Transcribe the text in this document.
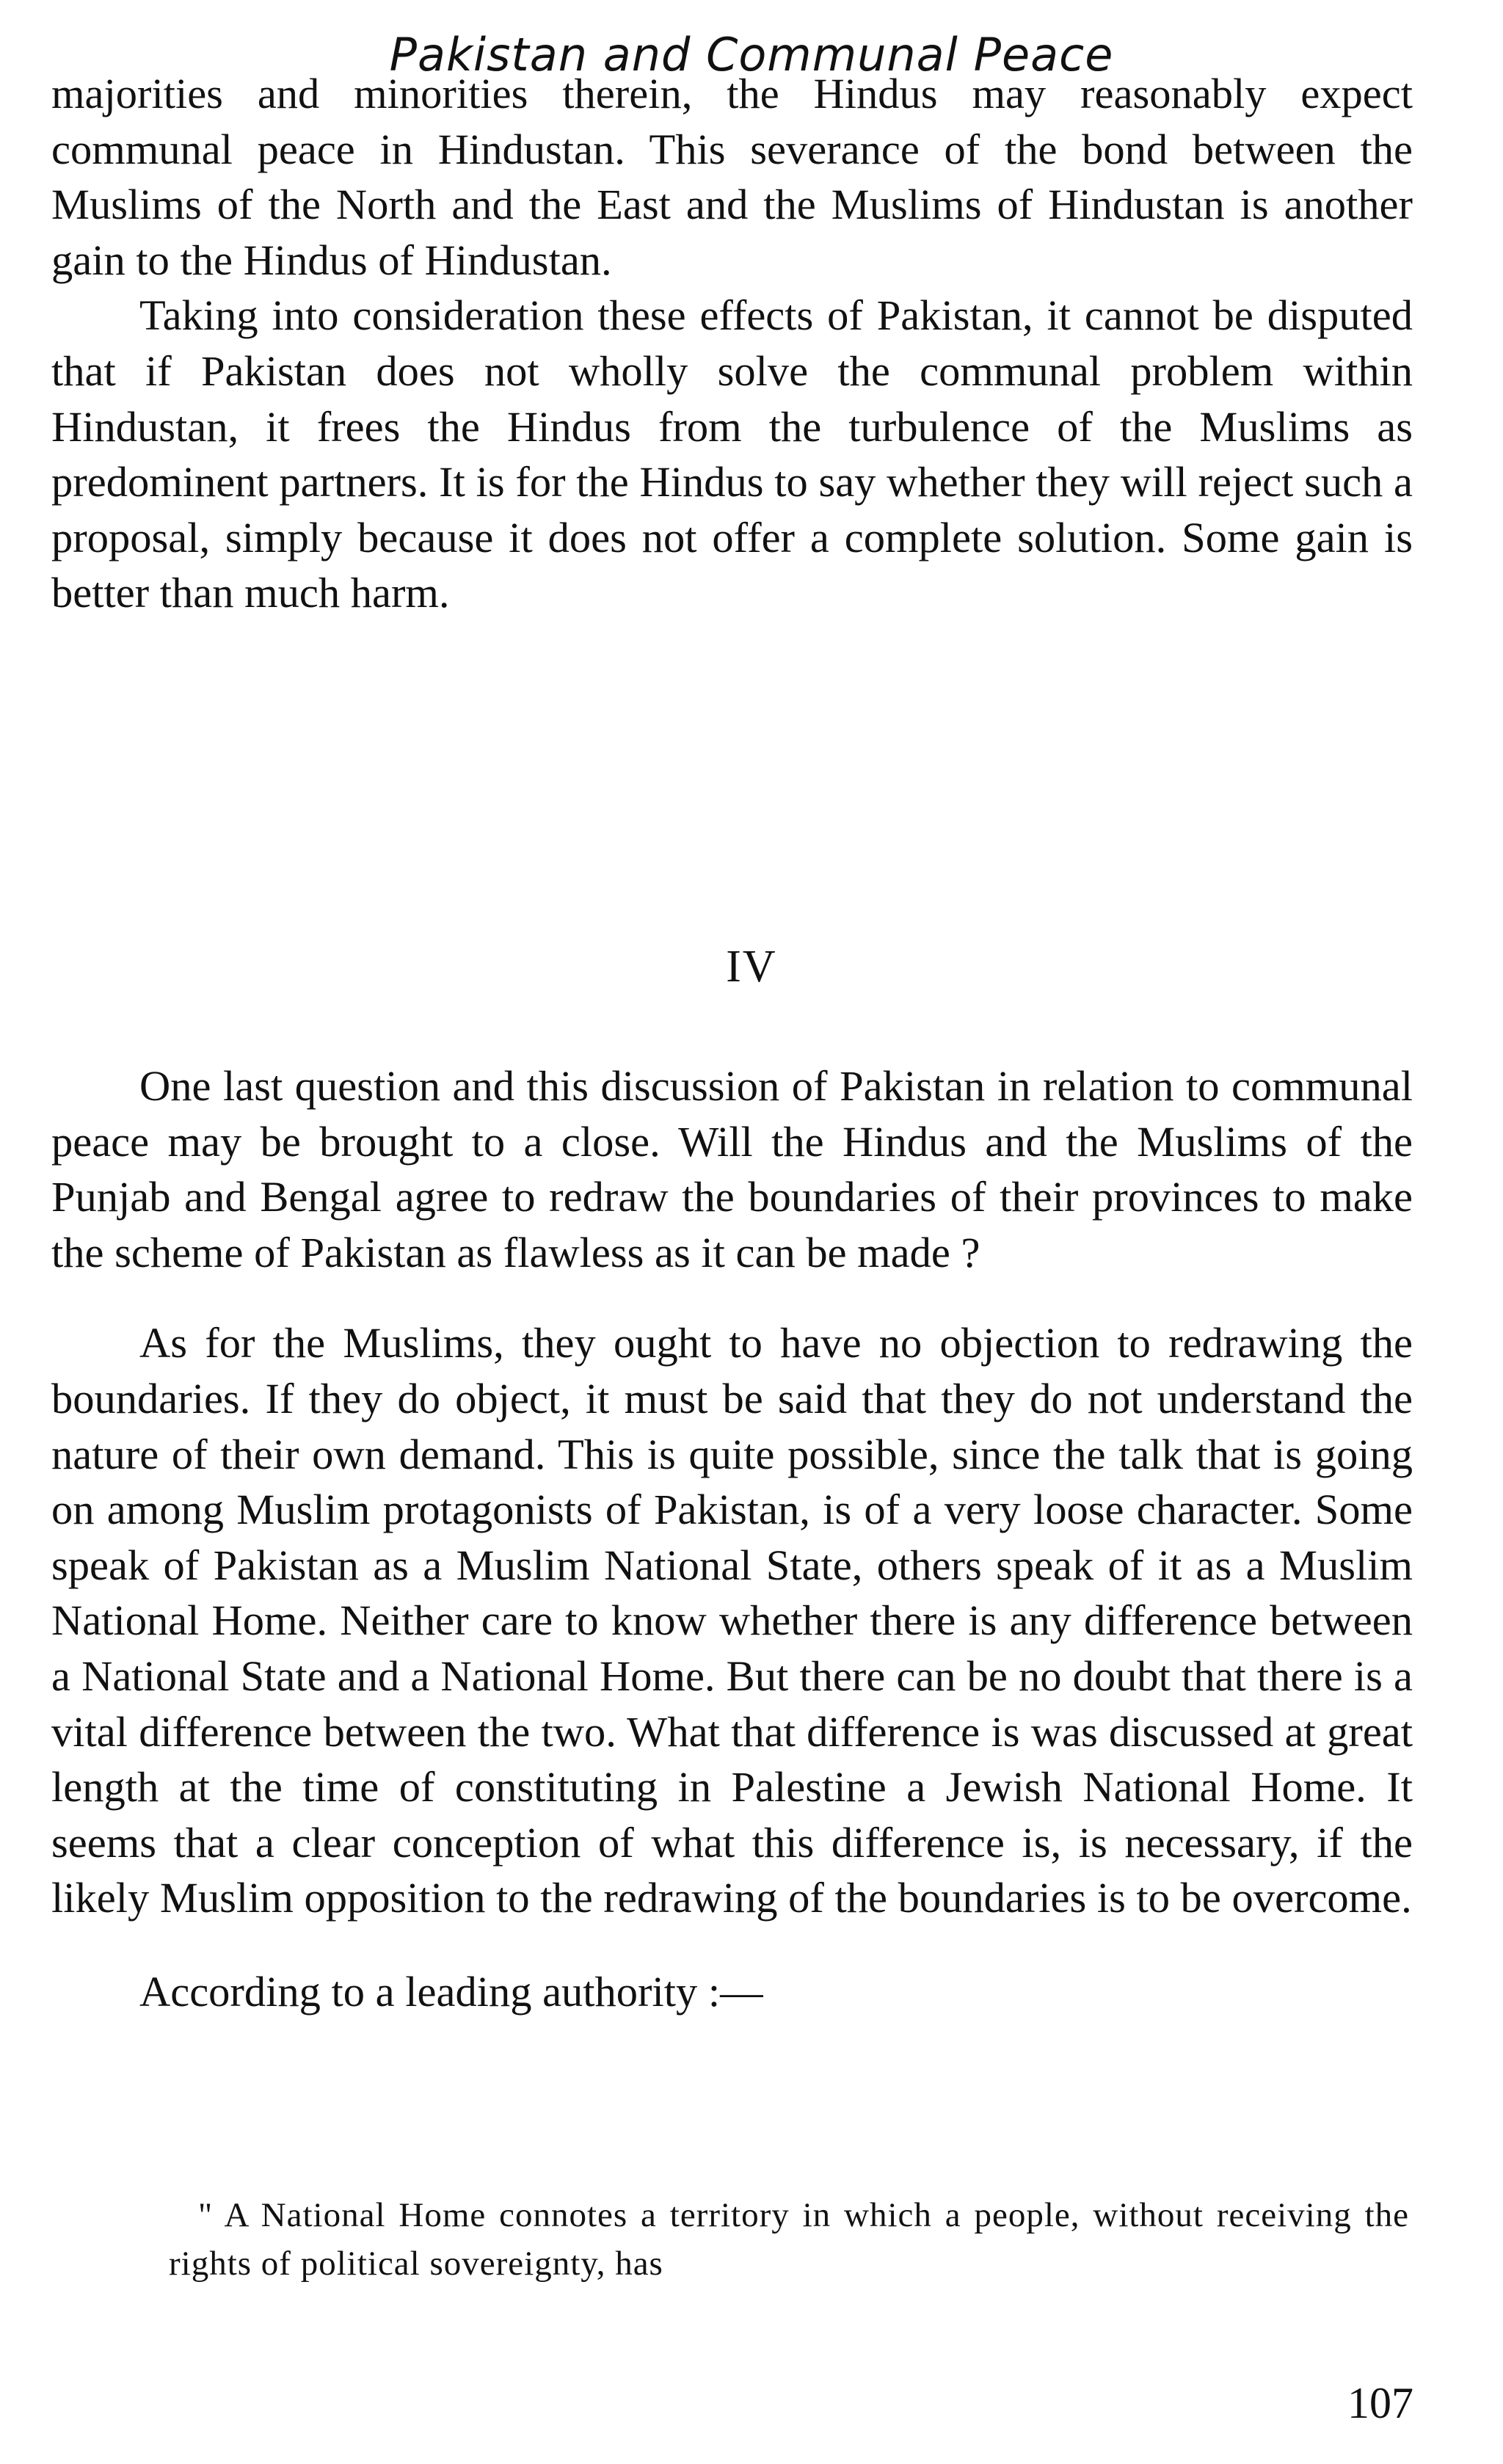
Pakistan and Communal Peace

majorities and minorities therein, the Hindus may reasonably expect communal peace in Hindustan. This severance of the bond between the Muslims of the North and the East and the Muslims of Hindustan is another gain to the Hindus of Hindustan.

Taking into consideration these effects of Pakistan, it cannot be disputed that if Pakistan does not wholly solve the communal problem within Hindustan, it frees the Hindus from the turbulence of the Muslims as predominent partners. It is for the Hindus to say whether they will reject such a proposal, simply because it does not offer a complete solution. Some gain is better than much harm.

IV

One last question and this discussion of Pakistan in relation to communal peace may be brought to a close. Will the Hindus and the Muslims of the Punjab and Bengal agree to redraw the boundaries of their provinces to make the scheme of Pakistan as flawless as it can be made ?

As for the Muslims, they ought to have no objection to redrawing the boundaries. If they do object, it must be said that they do not understand the nature of their own demand. This is quite possible, since the talk that is going on among Muslim protagonists of Pakistan, is of a very loose character. Some speak of Pakistan as a Muslim National State, others speak of it as a Muslim National Home. Neither care to know whether there is any difference between a National State and a National Home. But there can be no doubt that there is a vital difference between the two. What that difference is was discussed at great length at the time of constituting in Palestine a Jewish National Home. It seems that a clear conception of what this difference is, is necessary, if the likely Muslim opposition to the redrawing of the boundaries is to be overcome.

According to a leading authority :—

" A National Home connotes a territory in which a people, without receiving the rights of political sovereignty, has

107
